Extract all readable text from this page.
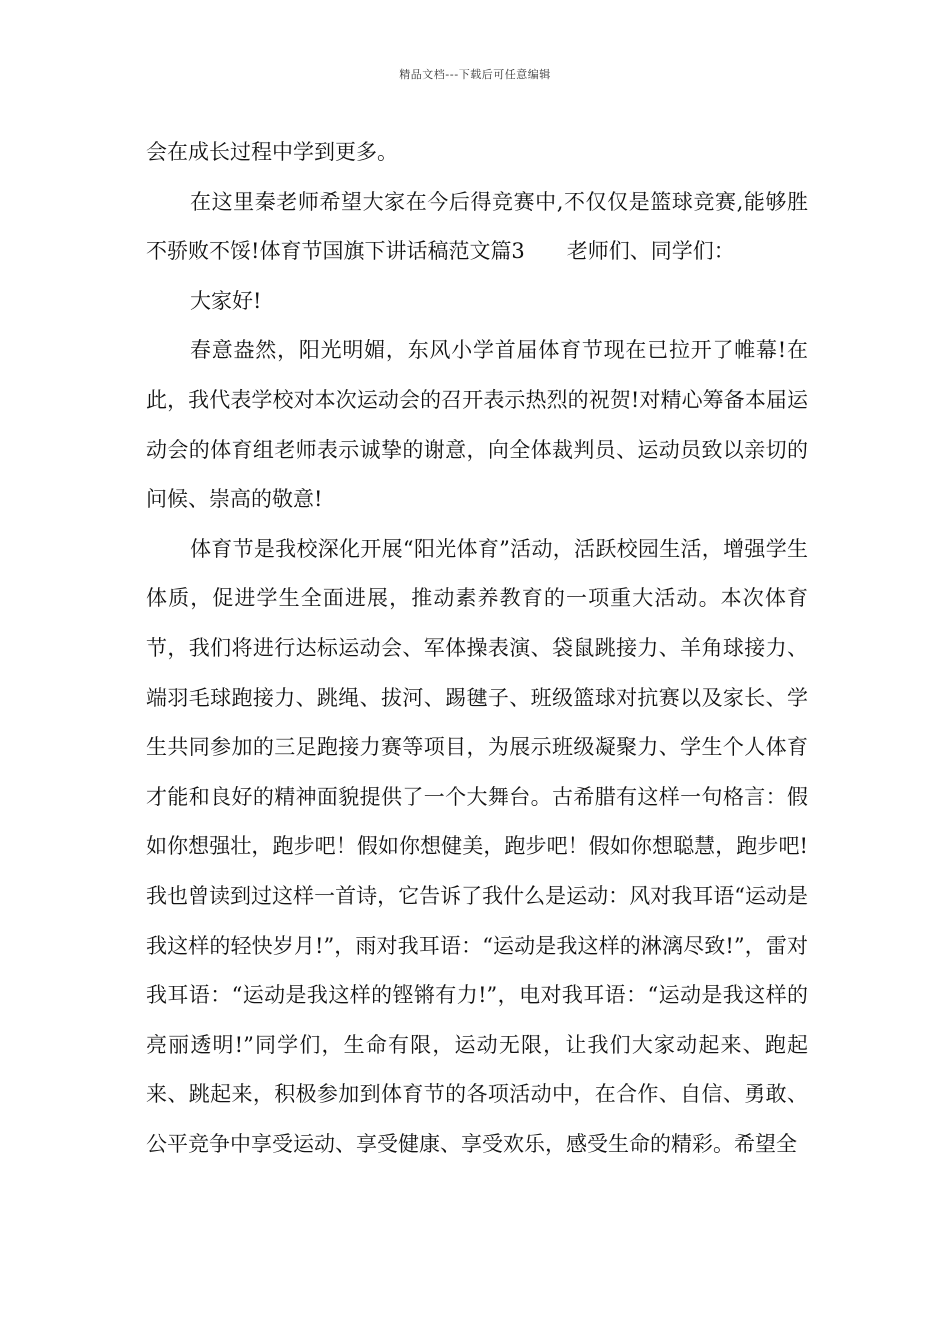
精品文档---下载后可任意编辑

会在成长过程中学到更多。

在这里秦老师希望大家在今后得竞赛中,不仅仅是篮球竞赛,能够胜不骄败不馁!体育节国旗下讲话稿范文篇3　　老师们、同学们：

大家好!

春意盎然，阳光明媚，东风小学首届体育节现在已拉开了帷幕!在此，我代表学校对本次运动会的召开表示热烈的祝贺!对精心筹备本届运动会的体育组老师表示诚挚的谢意，向全体裁判员、运动员致以亲切的问候、崇高的敬意!

体育节是我校深化开展“阳光体育”活动，活跃校园生活，增强学生体质，促进学生全面进展，推动素养教育的一项重大活动。本次体育节，我们将进行达标运动会、军体操表演、袋鼠跳接力、羊角球接力、端羽毛球跑接力、跳绳、拔河、踢毽子、班级篮球对抗赛以及家长、学生共同参加的三足跑接力赛等项目，为展示班级凝聚力、学生个人体育才能和良好的精神面貌提供了一个大舞台。古希腊有这样一句格言：假如你想强壮，跑步吧！假如你想健美，跑步吧！假如你想聪慧，跑步吧!我也曾读到过这样一首诗，它告诉了我什么是运动：风对我耳语“运动是我这样的轻快岁月!”，雨对我耳语：“运动是我这样的淋漓尽致!”，雷对我耳语：“运动是我这样的铿锵有力!”，电对我耳语：“运动是我这样的亮丽透明!”同学们，生命有限，运动无限，让我们大家动起来、跑起来、跳起来，积极参加到体育节的各项活动中，在合作、自信、勇敢、公平竞争中享受运动、享受健康、享受欢乐，感受生命的精彩。希望全
